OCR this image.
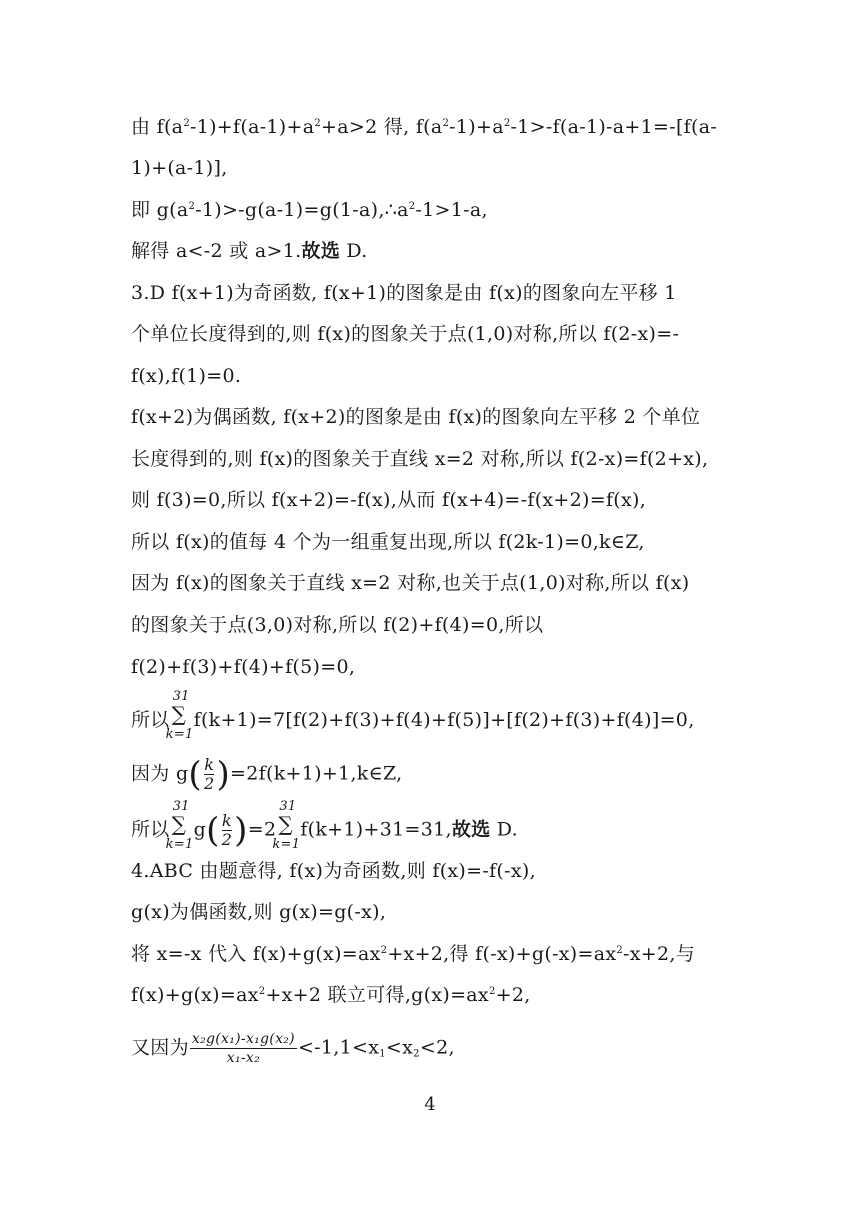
由 $f(a^2-1)+f(a-1)+a^2+a>2$ 得, $f(a^2-1)+a^2-1>-f(a-1)-a+1=-[f(a-$
1)+(a-1)],
即 $g(a^2-1)>-g(a-1)=g(1-a),\therefore a^2-1>1-a$,
解得 a<-2 或 a>1.故选 D.
3.D f(x+1)为奇函数, f(x+1)的图象是由 f(x)的图象向左平移 1
个单位长度得到的,则 f(x)的图象关于点(1,0)对称,所以 f(2-x)=-
f(x),f(1)=0.
f(x+2)为偶函数, f(x+2)的图象是由 f(x)的图象向左平移 2 个单位
长度得到的,则 f(x)的图象关于直线 x=2 对称,所以 f(2-x)=f(2+x),
则 f(3)=0,所以 f(x+2)=-f(x),从而 f(x+4)=-f(x+2)=f(x),
所以 f(x)的值每 4 个为一组重复出现,所以 f(2k-1)=0,k∈Z,
因为 f(x)的图象关于直线 x=2 对称,也关于点(1,0)对称,所以 f(x)
的图象关于点(3,0)对称,所以 f(2)+f(4)=0,所以
f(2)+f(3)+f(4)+f(5)=0,
所以
31
∑
k=1
f(k+1)=7[f(2)+f(3)+f(4)+f(5)]+[f(2)+f(3)+f(4)]=0,
因为 $g( \frac{k}{2}$ )=2f(k+1)+1,k∈Z,
所以
31
∑
k=1
$g( \frac{k}{2} )=2$
31
∑
k=1
f(k+1)+31=31,故选 D.
4.ABC 由题意得, f(x)为奇函数,则 f(x)=-f(-x),
g(x)为偶函数,则 g(x)=g(-x),
将 x=-x 代入 $f(x)+g(x)=ax^2+x+2$,得 $f(-x)+g(-x)=ax^2-x+2$,与
$f(x)+g(x)=ax^2+x+2$ 联立可得$,g(x)=ax^2+2$,
又因为 $\frac{\text{x₂g(x₁)-x₁g(x₂)}}{\text{x₁-x₂}} <-1,1<x_1<x_2<2$,
4
